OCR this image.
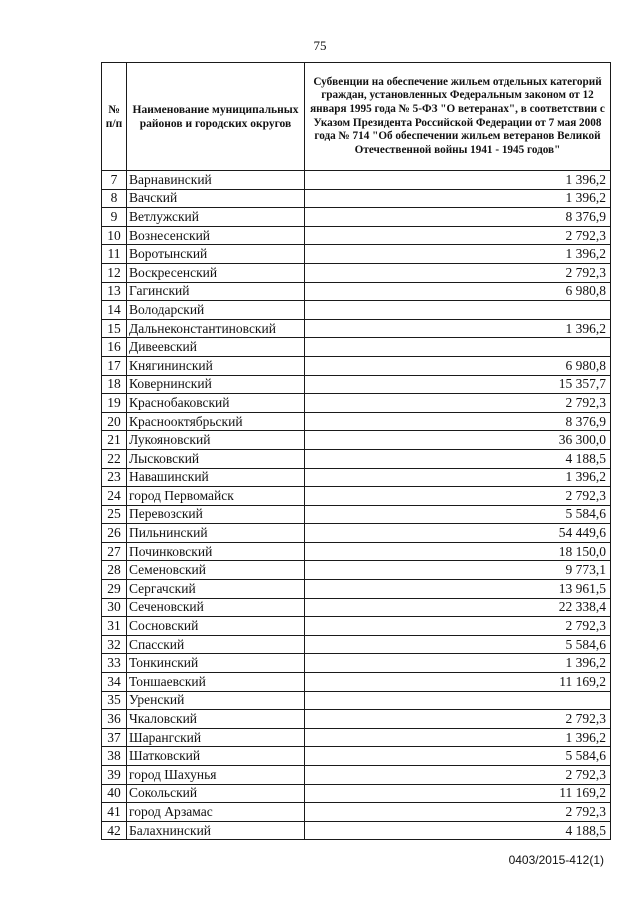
75
№ п/п	Наименование муниципальных районов и городских округов	Субвенции на обеспечение жильем отдельных категорий граждан, установленных Федеральным законом от 12 января 1995 года № 5-ФЗ "О ветеранах", в соответствии с Указом Президента Российской Федерации от 7 мая 2008 года № 714 "Об обеспечении жильем ветеранов Великой Отечественной войны 1941 - 1945 годов"
7	Варнавинский	1 396,2
8	Вачский	1 396,2
9	Ветлужский	8 376,9
10	Вознесенский	2 792,3
11	Воротынский	1 396,2
12	Воскресенский	2 792,3
13	Гагинский	6 980,8
14	Володарский	
15	Дальнеконстантиновский	1 396,2
16	Дивеевский	
17	Княгининский	6 980,8
18	Ковернинский	15 357,7
19	Краснобаковский	2 792,3
20	Краснооктябрьский	8 376,9
21	Лукояновский	36 300,0
22	Лысковский	4 188,5
23	Навашинский	1 396,2
24	город Первомайск	2 792,3
25	Перевозский	5 584,6
26	Пильнинский	54 449,6
27	Починковский	18 150,0
28	Семеновский	9 773,1
29	Сергачский	13 961,5
30	Сеченовский	22 338,4
31	Сосновский	2 792,3
32	Спасский	5 584,6
33	Тонкинский	1 396,2
34	Тоншаевский	11 169,2
35	Уренский	
36	Чкаловский	2 792,3
37	Шарангский	1 396,2
38	Шатковский	5 584,6
39	город Шахунья	2 792,3
40	Сокольский	11 169,2
41	город Арзамас	2 792,3
42	Балахнинский	4 188,5
0403/2015-412(1)
